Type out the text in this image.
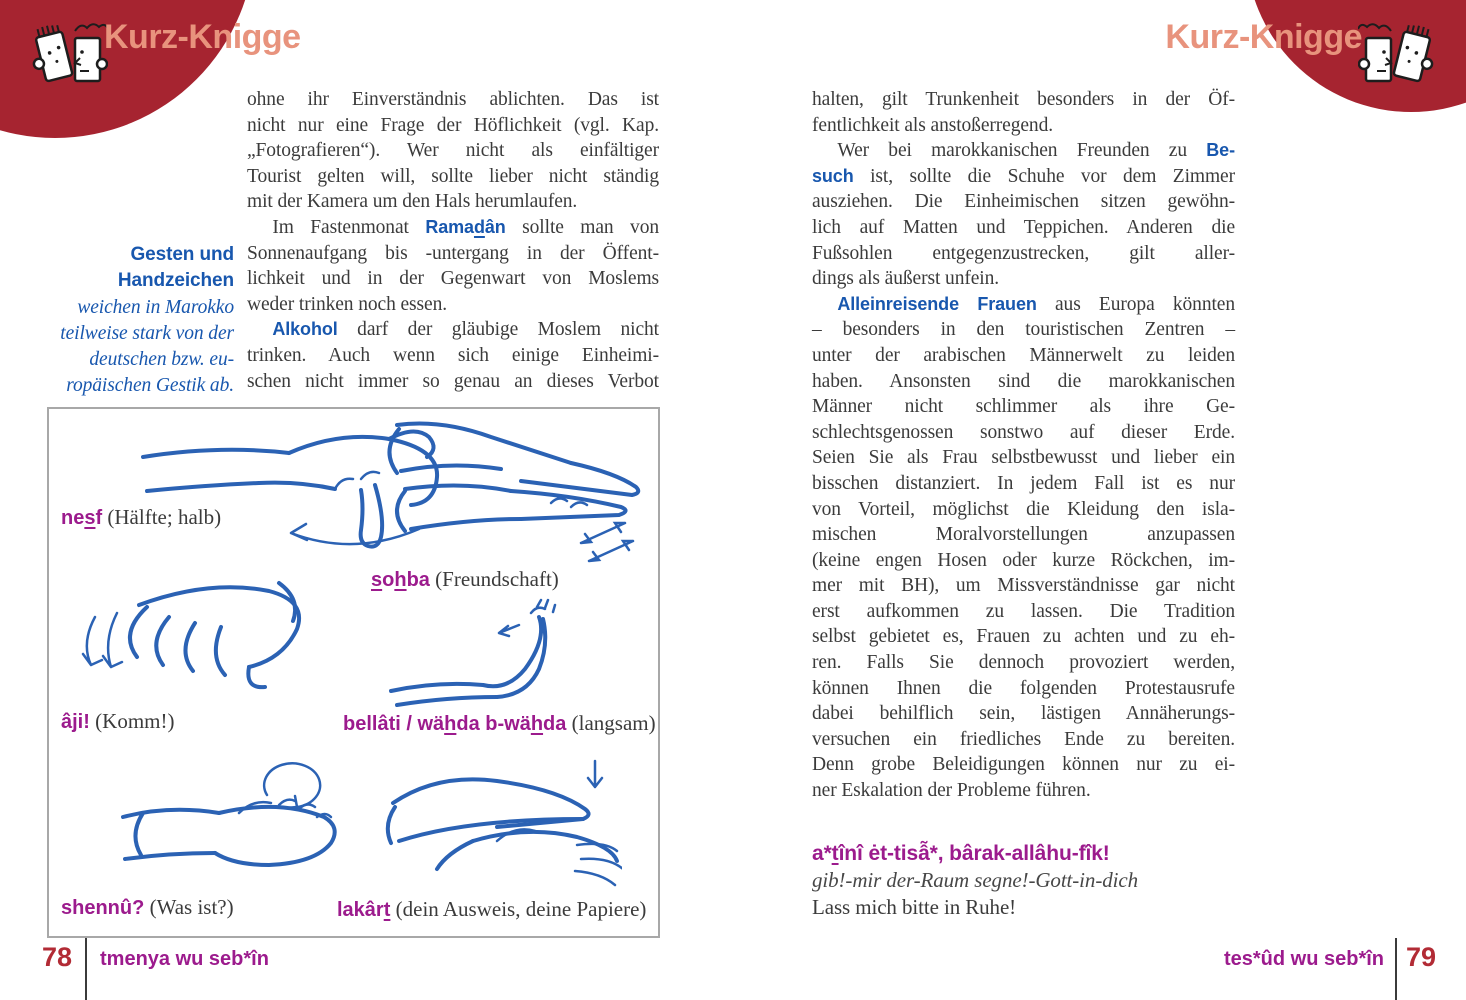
Kurz-Knigge	Kurz-Knigge
Gesten und
Handzeichen
weichen in Marokko
teilweise stark von der
deutschen bzw. eu-
ropäischen Gestik ab.
ohne ihr Einverständnis ablichten. Das ist
nicht nur eine Frage der Höflichkeit (vgl. Kap.
„Fotografieren“). Wer nicht als einfältiger
Tourist gelten will, sollte lieber nicht ständig
mit der Kamera um den Hals herumlaufen.
Im Fastenmonat Ramadân sollte man von
Sonnenaufgang bis -untergang in der Öffent-
lichkeit und in der Gegenwart von Moslems
weder trinken noch essen.
Alkohol darf der gläubige Moslem nicht
trinken. Auch wenn sich einige Einheimi-
schen nicht immer so genau an dieses Verbot
nesf (Hälfte; halb)
sohba (Freundschaft)
âji! (Komm!)	bellâti / wähda b-wähda (langsam)
shennû? (Was ist?)	lakârt (dein Ausweis, deine Papiere)
halten, gilt Trunkenheit besonders in der Öf-
fentlichkeit als anstoßerregend.
Wer bei marokkanischen Freunden zu Be-
such ist, sollte die Schuhe vor dem Zimmer
ausziehen. Die Einheimischen sitzen gewöhn-
lich auf Matten und Teppichen. Anderen die
Fußsohlen entgegenzustrecken, gilt aller-
dings als äußerst unfein.
Alleinreisende Frauen aus Europa könnten
– besonders in den touristischen Zentren –
unter der arabischen Männerwelt zu leiden
haben. Ansonsten sind die marokkanischen
Männer nicht schlimmer als ihre Ge-
schlechtsgenossen sonstwo auf dieser Erde.
Seien Sie als Frau selbstbewusst und lieber ein
bisschen distanziert. In jedem Fall ist es nur
von Vorteil, möglichst die Kleidung den isla-
mischen Moralvorstellungen anzupassen
(keine engen Hosen oder kurze Röckchen, im-
mer mit BH), um Missverständnisse gar nicht
erst aufkommen zu lassen. Die Tradition
selbst gebietet es, Frauen zu achten und zu eh-
ren. Falls Sie dennoch provoziert werden,
können Ihnen die folgenden Protestausrufe
dabei behilflich sein, lästigen Annäherungs-
versuchen ein friedliches Ende zu bereiten.
Denn grobe Beleidigungen können nur zu ei-
ner Eskalation der Probleme führen.
a*tînî ėt-tisẫ*, bârak-allâhu-fîk!
gib!-mir der-Raum segne!-Gott-in-dich
Lass mich bitte in Ruhe!
78 tmenya wu seb*în	tes*ûd wu seb*în 79
